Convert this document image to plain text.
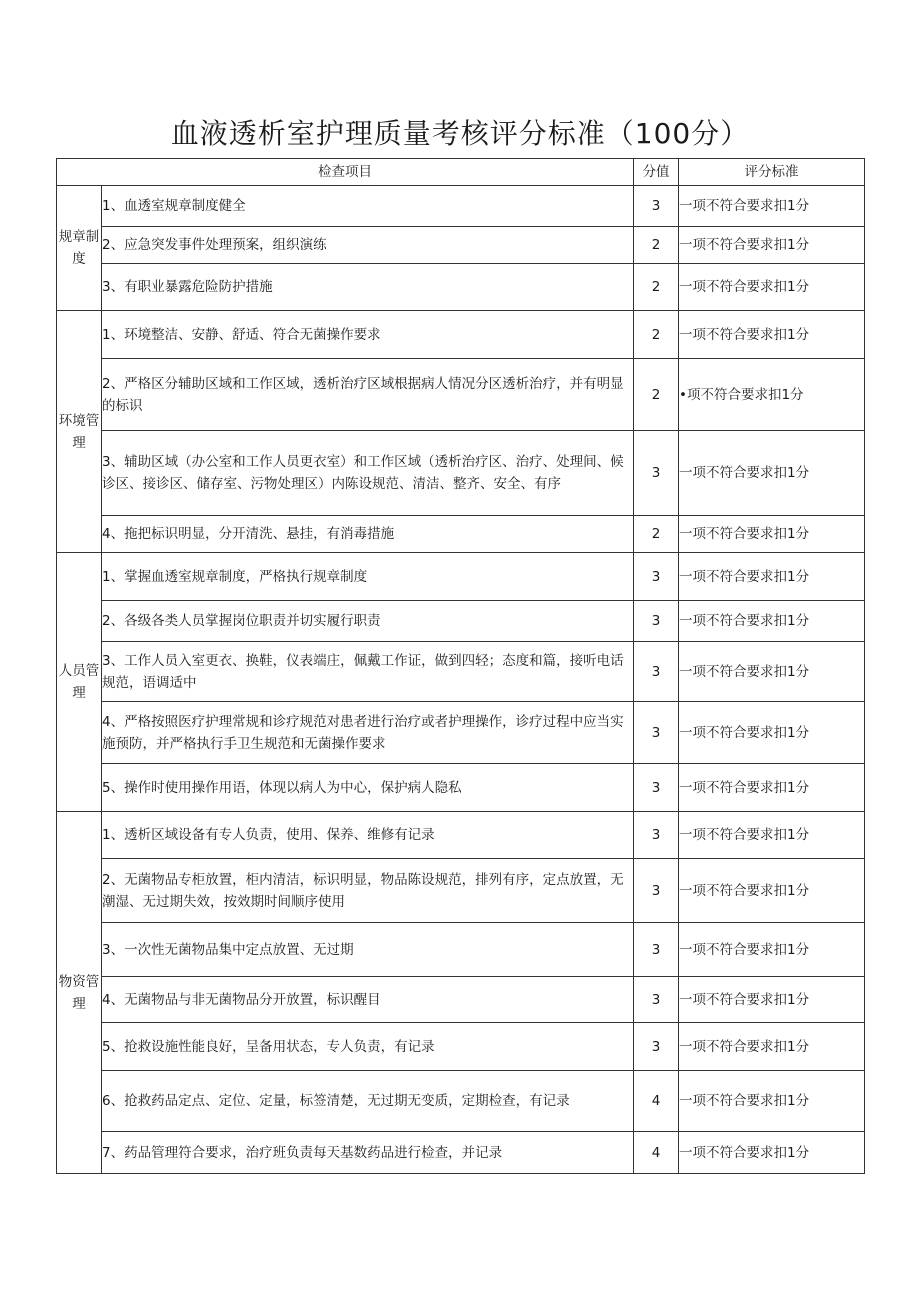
血液透析室护理质量考核评分标准（100分）
检查项目		分值	评分标准
规章制度	1、血透室规章制度健全	3	一项不符合要求扣1分
	2、应急突发事件处理预案，组织演练	2	一项不符合要求扣1分
	3、有职业暴露危险防护措施	2	一项不符合要求扣1分
环境管理	1、环境整洁、安静、舒适、符合无菌操作要求	2	一项不符合要求扣1分
	2、严格区分辅助区域和工作区域，透析治疗区域根据病人情况分区透析治疗，并有明显的标识	2	•项不符合要求扣1分
	3、辅助区域（办公室和工作人员更衣室）和工作区域（透析治疗区、治疗、处理间、候诊区、接诊区、储存室、污物处理区）内陈设规范、清洁、整齐、安全、有序	3	一项不符合要求扣1分
	4、拖把标识明显，分开清洗、悬挂，有消毒措施	2	一项不符合要求扣1分
人员管理	1、掌握血透室规章制度，严格执行规章制度	3	一项不符合要求扣1分
	2、各级各类人员掌握岗位职责并切实履行职责	3	一项不符合要求扣1分
	3、工作人员入室更衣、换鞋，仪表端庄，佩戴工作证，做到四轻；态度和篇，接听电话规范，语调适中	3	一项不符合要求扣1分
	4、严格按照医疗护理常规和诊疗规范对患者进行治疗或者护理操作，诊疗过程中应当实施预防，并严格执行手卫生规范和无菌操作要求	3	一项不符合要求扣1分
	5、操作时使用操作用语，体现以病人为中心，保护病人隐私	3	一项不符合要求扣1分
物资管理	1、透析区域设备有专人负责，使用、保养、维修有记录	3	一项不符合要求扣1分
	2、无菌物品专柜放置，柜内清洁，标识明显，物品陈设规范，排列有序，定点放置，无潮湿、无过期失效，按效期时间顺序使用	3	一项不符合要求扣1分
	3、一次性无菌物品集中定点放置、无过期	3	一项不符合要求扣1分
	4、无菌物品与非无菌物品分开放置，标识醒目	3	一项不符合要求扣1分
	5、抢救设施性能良好，呈备用状态，专人负责，有记录	3	一项不符合要求扣1分
	6、抢救药品定点、定位、定量，标签清楚，无过期无变质，定期检查，有记录	4	一项不符合要求扣1分
	7、药品管理符合要求，治疗班负责每天基数药品进行检查，并记录	4	一项不符合要求扣1分
